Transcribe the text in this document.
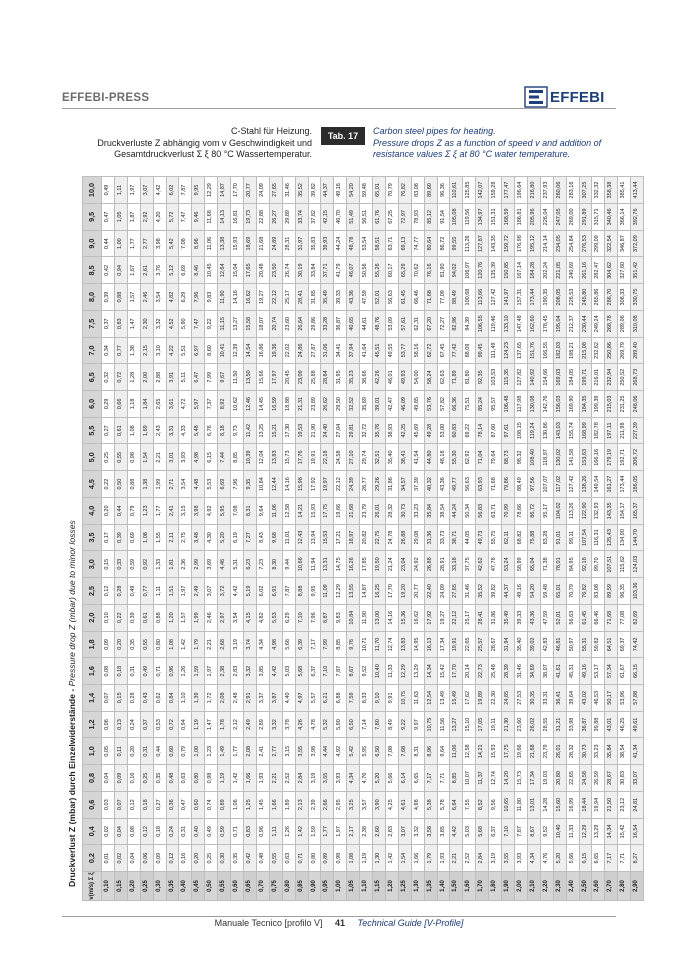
EFFEBI-PRESS	EFFEBI
C-Stahl für Heizung.
Druckverluste Z abhängig vom v Geschwindigkeit und
Gesamtdruckverlust Σ ξ 80 °C Wassertemperatur.
Tab. 17	Carbon steel pipes for heating.
Pressure drops Z as a function of speed v and addition of
resistance values Σ ξ at 80 °C water temperature.
Druckverlust Z (mbar) durch Einzelwiderstände - Pressure drop Z (mbar) due to minor losses
v(m/s) Σ ξ	0,2	0,4	0,6	0,8	1,0	1,2	1,4	1,6	1,8	2,0	2,5	3,0	3,5	4,0	4,5	5,0	5,5	6,0	6,5	7,0	7,5	8,0	8,5	9,0	9,5	10,0
0,10	0,01	0,02	0,03	0,04	0,05	0,06	0,07	0,08	0,09	0,10	0,12	0,15	0,17	0,20	0,22	0,25	0,27	0,29	0,32	0,34	0,37	0,39	0,42	0,44	0,47	0,49
0,15	0,02	0,04	0,07	0,09	0,11	0,13	0,15	0,18	0,20	0,22	0,28	0,33	0,39	0,44	0,50	0,55	0,61	0,66	0,72	0,77	0,83	0,88	0,94	1,00	1,05	1,11
0,20	0,04	0,08	0,12	0,16	0,20	0,24	0,28	0,31	0,35	0,39	0,49	0,59	0,69	0,79	0,88	0,98	1,08	1,18	1,28	1,38	1,47	1,57	1,67	1,77	1,87	1,97
0,25	0,06	0,12	0,18	0,25	0,31	0,37	0,43	0,49	0,55	0,61	0,77	0,92	1,08	1,23	1,38	1,54	1,69	1,84	2,00	2,15	2,30	2,46	2,61	2,77	2,92	3,07
0,30	0,09	0,18	0,27	0,35	0,44	0,53	0,62	0,71	0,80	0,88	1,11	1,33	1,55	1,77	1,99	2,21	2,43	2,65	2,88	3,10	3,32	3,54	3,76	3,98	4,20	4,42
0,35	0,12	0,24	0,36	0,48	0,60	0,72	0,84	0,96	1,08	1,20	1,51	1,81	2,11	2,41	2,71	3,01	3,31	3,61	3,91	4,22	4,52	4,82	5,12	5,42	5,72	6,02
0,40	0,16	0,31	0,47	0,63	0,79	0,94	1,10	1,26	1,42	1,57	1,97	2,36	2,75	3,15	3,54	3,93	4,33	4,72	5,11	5,51	5,90	6,29	6,69	7,08	7,47	7,87
0,45	0,20	0,40	0,60	0,80	1,00	1,19	1,39	1,59	1,79	1,99	2,49	2,99	3,48	3,98	4,48	4,98	5,48	5,97	6,47	6,97	7,47	7,96	8,46	8,96	9,46	9,95
0,50	0,25	0,49	0,74	0,98	1,23	1,47	1,72	1,97	2,21	2,46	3,07	3,69	4,30	4,92	5,53	6,15	6,76	7,37	7,99	8,60	9,22	9,83	10,45	11,06	11,68	12,29
0,55	0,30	0,59	0,89	1,19	1,49	1,78	2,08	2,38	2,68	2,97	3,72	4,46	5,20	5,95	6,69	7,44	8,18	8,92	9,67	10,41	11,15	11,90	12,64	13,38	14,13	14,87
0,60	0,35	0,71	1,06	1,42	1,77	2,12	2,48	2,83	3,19	3,54	4,42	5,31	6,19	7,08	7,96	8,85	9,73	10,62	11,50	12,39	13,27	14,16	15,04	15,93	16,81	17,70
0,65	0,42	0,83	1,25	1,66	2,08	2,49	2,91	3,32	3,74	4,15	5,19	6,23	7,27	8,31	9,35	10,39	11,42	12,46	13,50	14,54	15,58	16,62	17,65	18,69	19,73	20,77
0,70	0,48	0,96	1,45	1,93	2,41	2,89	3,37	3,85	4,34	4,82	6,02	7,23	8,43	9,64	10,84	12,04	13,25	14,45	15,66	16,86	18,07	19,27	20,48	21,68	22,88	24,09
0,75	0,55	1,11	1,66	2,21	2,77	3,32	3,87	4,42	4,98	5,53	6,91	8,30	9,68	11,06	12,44	13,83	15,21	16,59	17,97	19,36	20,74	22,12	23,50	24,89	26,27	27,65
0,80	0,63	1,26	1,89	2,52	3,15	3,78	4,40	5,03	5,66	6,29	7,87	9,44	11,01	12,58	14,16	15,73	17,30	18,88	20,45	22,02	23,60	25,17	26,74	28,31	29,89	31,46
0,85	0,71	1,42	2,13	2,84	3,55	4,26	4,97	5,68	6,39	7,10	8,88	10,66	12,43	14,21	15,98	17,76	19,53	21,31	23,09	24,86	26,64	28,41	30,19	31,97	33,74	35,52
0,90	0,80	1,59	2,39	3,19	3,98	4,78	5,57	6,37	7,17	7,96	9,95	11,94	13,94	15,93	17,92	19,91	21,90	23,89	25,88	27,87	29,86	31,85	33,84	35,83	37,82	39,82
0,95	0,89	1,77	2,66	3,55	4,44	5,32	6,21	7,10	7,99	8,87	11,09	13,31	15,53	17,75	19,97	22,18	24,40	26,62	28,84	31,06	33,28	35,49	37,71	39,93	42,15	44,37
1,00	0,98	1,97	2,95	3,93	4,92	5,90	6,88	7,87	8,85	9,83	12,29	14,75	17,21	19,66	22,12	24,58	27,04	29,50	31,95	34,41	36,87	39,33	41,79	44,24	46,70	49,16
1,05	1,08	2,17	3,25	4,34	5,42	6,50	7,59	8,67	9,76	10,84	13,55	16,26	18,97	21,68	24,39	27,10	29,81	32,52	35,23	37,94	40,65	43,36	46,07	48,78	51,49	54,20
1,10	1,19	2,38	3,57	4,76	5,95	7,14	8,33	9,52	10,71	11,90	14,87	17,85	20,82	23,79	26,77	29,74	32,72	35,69	38,66	41,64	44,61	47,59	50,56	53,54	56,51	59,48
1,15	1,30	2,60	3,90	5,20	6,50	7,80	9,10	10,40	11,70	13,00	16,25	19,50	22,75	26,01	29,26	32,51	35,76	39,01	42,26	45,51	48,76	52,01	55,26	58,51	61,76	65,01
1,20	1,42	2,83	4,25	5,66	7,08	8,49	9,91	11,33	12,74	14,16	17,70	21,24	24,78	28,32	31,86	35,40	38,93	42,47	46,01	49,55	53,09	56,63	60,17	63,71	67,25	70,79
1,25	1,54	3,07	4,61	6,14	7,68	9,22	10,75	12,29	13,83	15,36	19,20	23,04	26,88	30,73	34,57	38,41	42,25	46,09	49,93	53,77	57,61	61,45	65,29	69,13	72,97	76,82
1,30	1,66	3,32	4,98	6,65	8,31	9,97	11,63	13,29	14,95	16,62	20,77	24,92	29,08	33,23	37,39	41,54	45,69	49,85	54,00	58,16	62,31	66,46	70,62	74,77	78,93	83,08
1,35	1,79	3,58	5,38	7,17	8,96	10,75	12,54	14,34	16,13	17,92	22,40	26,88	31,36	35,84	40,32	44,80	49,28	53,76	58,24	62,72	67,20	71,68	76,16	80,64	85,12	89,60
1,40	1,93	3,85	5,78	7,71	9,64	11,56	13,49	15,42	17,34	19,27	24,09	28,91	33,73	38,54	43,36	48,18	53,00	57,82	62,63	67,45	72,27	77,09	81,90	86,72	91,54	96,36
1,50	2,21	4,42	6,64	8,85	11,06	13,27	15,49	17,70	19,91	22,12	27,65	33,18	38,71	44,24	49,77	55,30	60,83	66,36	71,89	77,42	82,96	88,49	94,02	99,55	105,08	110,61
1,60	2,52	5,03	7,55	10,07	12,58	15,10	17,62	20,14	22,65	25,17	31,46	37,75	44,05	50,34	56,63	62,92	69,22	75,51	81,80	88,09	94,39	100,68	106,97	113,26	119,56	125,85
1,70	2,84	5,68	8,52	11,37	14,21	17,05	19,89	22,73	25,57	28,41	35,52	42,62	49,73	56,83	63,93	71,04	78,14	85,24	92,35	99,45	106,55	113,66	120,76	127,87	134,97	142,07
1,80	3,19	6,37	9,56	12,74	15,93	19,11	22,30	25,48	28,67	31,86	39,82	47,78	55,75	63,71	71,68	79,64	87,60	95,57	103,53	111,49	119,46	127,42	135,39	143,35	151,31	159,28
1,90	3,55	7,10	10,65	14,20	17,75	21,30	24,85	28,39	31,94	35,49	44,37	53,24	62,11	70,99	79,86	88,73	97,61	106,48	115,35	124,23	133,10	141,97	150,85	159,72	168,59	177,47
2,00	3,93	7,87	11,80	15,73	19,66	23,60	27,53	31,46	35,40	39,33	49,16	58,99	68,82	78,66	88,49	98,32	108,15	117,98	127,82	137,65	147,48	157,31	167,14	176,98	186,81	196,64
2,10	4,34	8,67	13,01	17,34	21,68	26,02	30,35	34,69	39,02	43,36	54,20	65,04	75,88	86,72	97,56	108,40	119,24	130,08	140,92	151,76	162,60	173,44	184,28	195,12	205,96	216,80
2,20	4,76	9,52	14,28	19,03	23,79	28,55	33,31	38,07	42,83	47,59	59,48	71,38	83,28	95,17	107,07	118,97	130,86	142,76	154,66	166,55	178,45	190,35	202,24	214,14	226,04	237,93
2,30	5,20	10,40	15,60	20,80	26,01	31,21	36,41	41,61	46,81	52,01	65,01	78,01	91,01	104,02	117,02	130,02	143,03	156,03	169,03	182,03	195,04	208,05	221,05	234,05	247,05	260,06
2,40	5,66	11,33	16,99	22,65	28,32	33,98	39,64	45,31	50,97	56,63	70,79	84,95	99,11	113,26	127,42	141,58	155,74	169,90	184,05	198,21	212,37	226,53	240,69	254,84	269,00	283,16
2,50	6,15	12,29	18,44	24,58	30,73	36,87	43,02	49,16	55,31	61,45	76,82	92,18	107,54	122,90	138,26	153,63	168,99	184,35	199,71	215,08	230,44	245,80	261,16	276,53	291,89	307,25
2,60	6,65	13,29	19,94	26,59	33,23	39,88	46,53	53,17	59,82	66,46	83,08	99,70	116,31	132,93	149,54	166,16	182,78	199,39	216,01	232,62	249,24	265,86	282,47	299,09	315,71	332,32
2,70	7,17	14,34	21,50	28,67	35,84	43,01	50,17	57,34	64,51	71,68	89,59	107,51	125,43	143,35	161,27	179,19	197,11	215,03	232,94	250,86	268,78	286,70	304,62	322,54	340,46	358,38
2,80	7,71	15,42	23,12	30,83	38,54	46,25	53,96	61,67	69,37	77,08	96,35	115,62	134,90	154,17	173,44	192,71	211,98	231,25	250,52	269,79	289,06	308,33	327,60	346,87	366,14	385,41
2,90	8,27	16,54	24,81	33,07	41,34	49,61	57,88	66,15	74,42	82,69	103,36	124,03	144,70	165,37	186,05	206,72	227,39	248,06	268,73	289,40	310,08	330,75	351,42	372,09	392,76	413,44
Manuale Tecnico [profilo V] 41 Technical Guide [V-Profile]
